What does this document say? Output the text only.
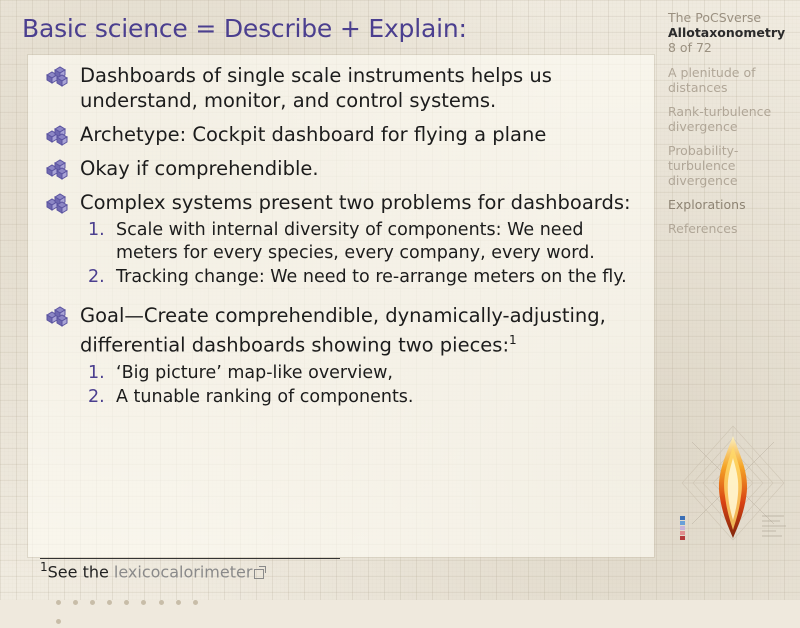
Basic science = Describe + Explain:
Dashboards of single scale instruments helps us understand, monitor, and control systems.
Archetype: Cockpit dashboard for flying a plane
Okay if comprehendible.
Complex systems present two problems for dashboards:
Scale with internal diversity of components: We need meters for every species, every company, every word.
Tracking change: We need to re-arrange meters on the fly.
Goal—Create comprehendible, dynamically-adjusting, differential dashboards showing two pieces:$^1$
‘Big picture’ map-like overview,
A tunable ranking of components.
$^1$See the lexicocalorimeter

The PoCSverse
Allotaxonometry
8 of 72
A plenitude of distances
Rank-turbulence divergence
Probability-turbulence divergence
Explorations
References
